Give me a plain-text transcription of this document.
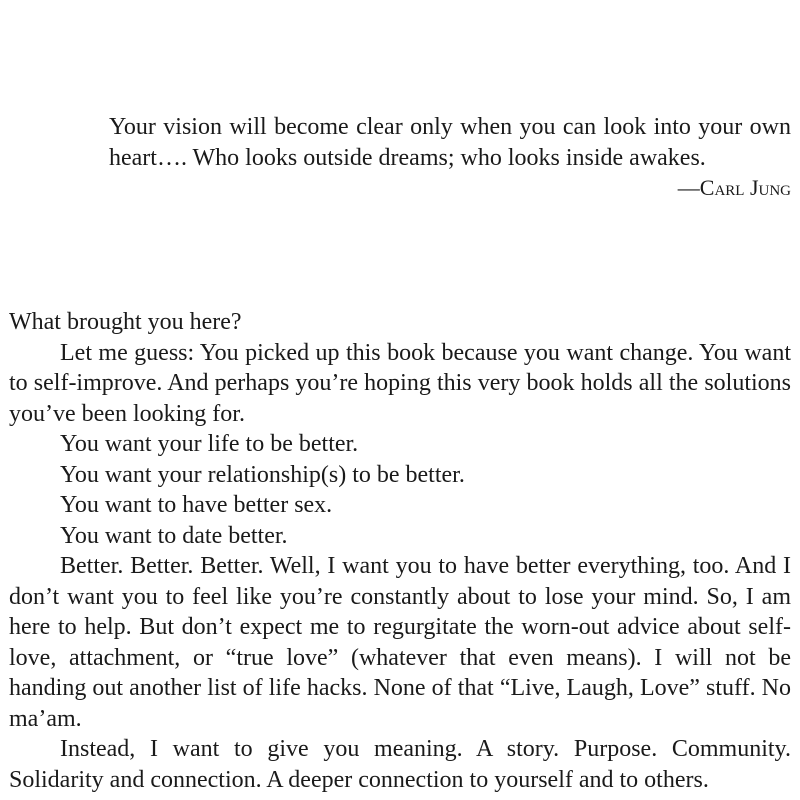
Your vision will become clear only when you can look into your own heart…. Who looks outside dreams; who looks inside awakes.

—Carl Jung

What brought you here?

Let me guess: You picked up this book because you want change. You want to self-improve. And perhaps you’re hoping this very book holds all the solutions you’ve been looking for.

You want your life to be better.

You want your relationship(s) to be better.

You want to have better sex.

You want to date better.

Better. Better. Better. Well, I want you to have better everything, too. And I don’t want you to feel like you’re constantly about to lose your mind. So, I am here to help. But don’t expect me to regurgitate the worn-out advice about self-love, attachment, or “true love” (whatever that even means). I will not be handing out another list of life hacks. None of that “Live, Laugh, Love” stuff. No ma’am.

Instead, I want to give you meaning. A story. Purpose. Community. Solidarity and connection. A deeper connection to yourself and to others.
